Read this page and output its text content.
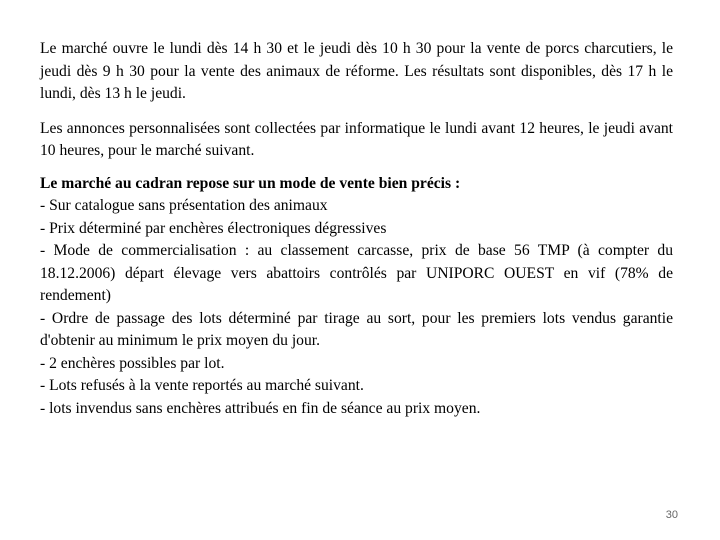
Le marché ouvre le lundi dès 14 h 30 et le jeudi dès 10 h 30 pour la vente de porcs charcutiers, le jeudi dès 9 h 30 pour la vente des animaux de réforme. Les résultats sont disponibles, dès 17 h le lundi, dès 13 h le jeudi.

Les annonces personnalisées sont collectées par informatique le lundi avant 12 heures, le jeudi avant 10 heures, pour le marché suivant.

Le marché au cadran repose sur un mode de vente bien précis :
- Sur catalogue sans présentation des animaux
- Prix déterminé par enchères électroniques dégressives
- Mode de commercialisation : au classement carcasse, prix de base 56 TMP (à compter du 18.12.2006) départ élevage vers abattoirs contrôlés par UNIPORC OUEST en vif (78% de rendement)
- Ordre de passage des lots déterminé par tirage au sort, pour les premiers lots vendus garantie d'obtenir au minimum le prix moyen du jour.
- 2 enchères possibles par lot.
- Lots refusés à la vente reportés au marché suivant.
- lots invendus sans enchères attribués en fin de séance au prix moyen.
30
